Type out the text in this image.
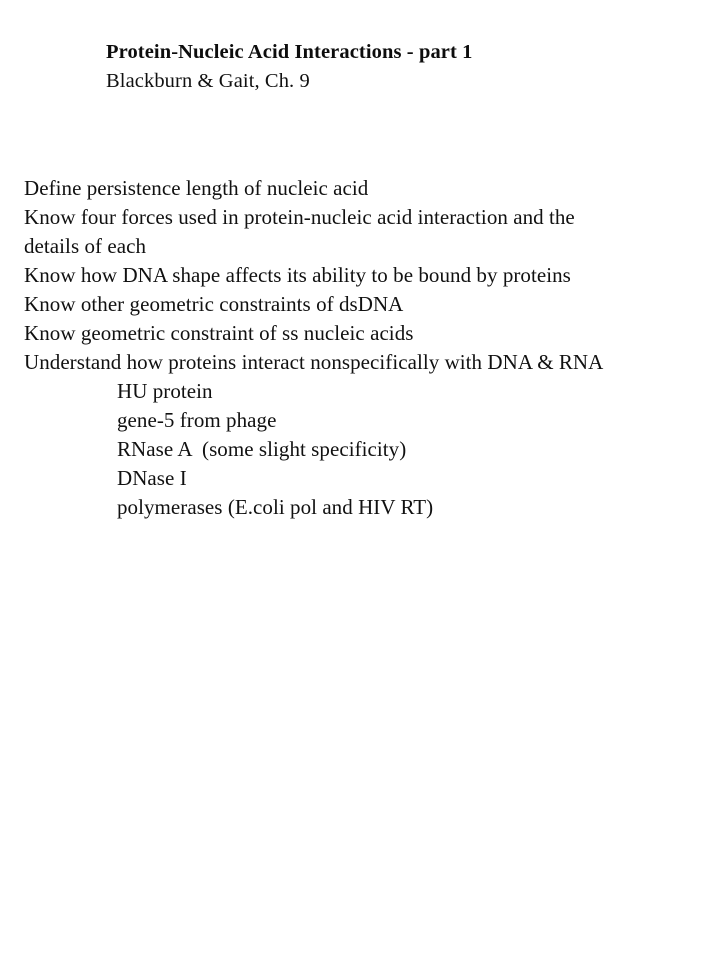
Protein-Nucleic Acid Interactions - part 1
Blackburn & Gait, Ch. 9
Define persistence length of nucleic acid
Know four forces used in protein-nucleic acid interaction and the
details of each
Know how DNA shape affects its ability to be bound by proteins
Know other geometric constraints of dsDNA
Know geometric constraint of ss nucleic acids
Understand how proteins interact nonspecifically with DNA & RNA
HU protein
gene-5 from phage
RNase A  (some slight specificity)
DNase I
polymerases (E.coli pol and HIV RT)
